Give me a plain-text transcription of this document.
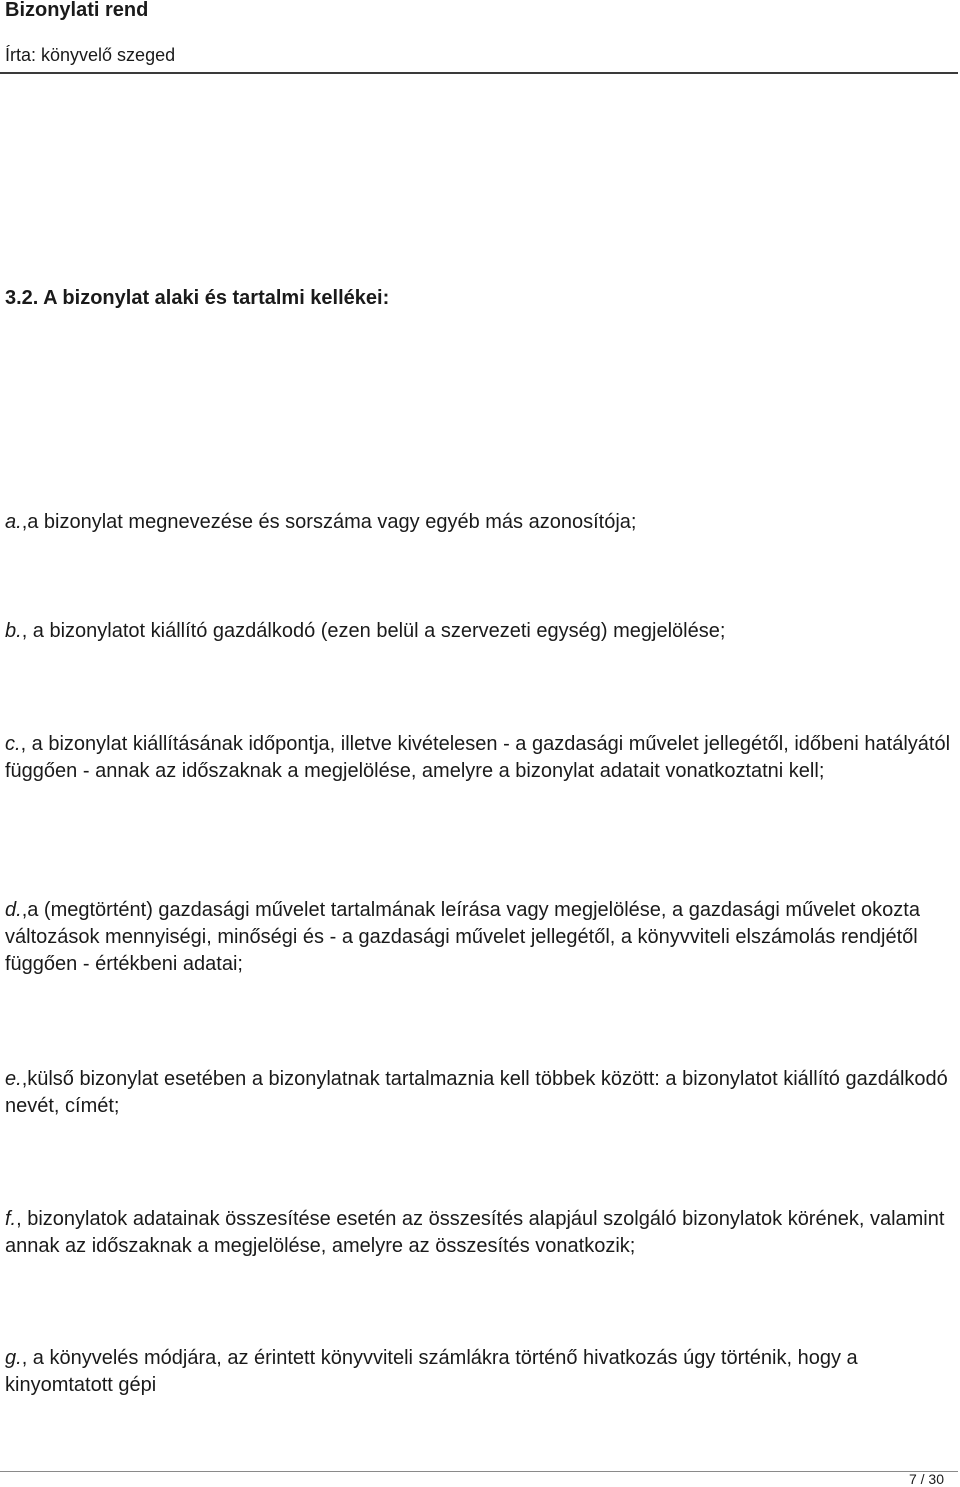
Bizonylati rend
Írta: könyvelő szeged
3.2. A bizonylat alaki és tartalmi kellékei:

a.,a bizonylat megnevezése és sorszáma vagy egyéb más azonosítója;

b., a bizonylatot kiállító gazdálkodó (ezen belül a szervezeti egység) megjelölése;

c., a bizonylat kiállításának időpontja, illetve kivételesen - a gazdasági művelet jellegétől, időbeni hatályától függően - annak az időszaknak a megjelölése, amelyre a bizonylat adatait vonatkoztatni kell;

d.,a (megtörtént) gazdasági művelet tartalmának leírása vagy megjelölése, a gazdasági művelet okozta változások mennyiségi, minőségi és - a gazdasági művelet jellegétől, a könyvviteli elszámolás rendjétől függően - értékbeni adatai;

e.,külső bizonylat esetében a bizonylatnak tartalmaznia kell többek között: a bizonylatot kiállító gazdálkodó nevét, címét;

f., bizonylatok adatainak összesítése esetén az összesítés alapjául szolgáló bizonylatok körének, valamint annak az időszaknak a megjelölése, amelyre az összesítés vonatkozik;

g., a könyvelés módjára, az érintett könyvviteli számlákra történő hivatkozás úgy történik, hogy a kinyomtatott gépi

7 / 30
